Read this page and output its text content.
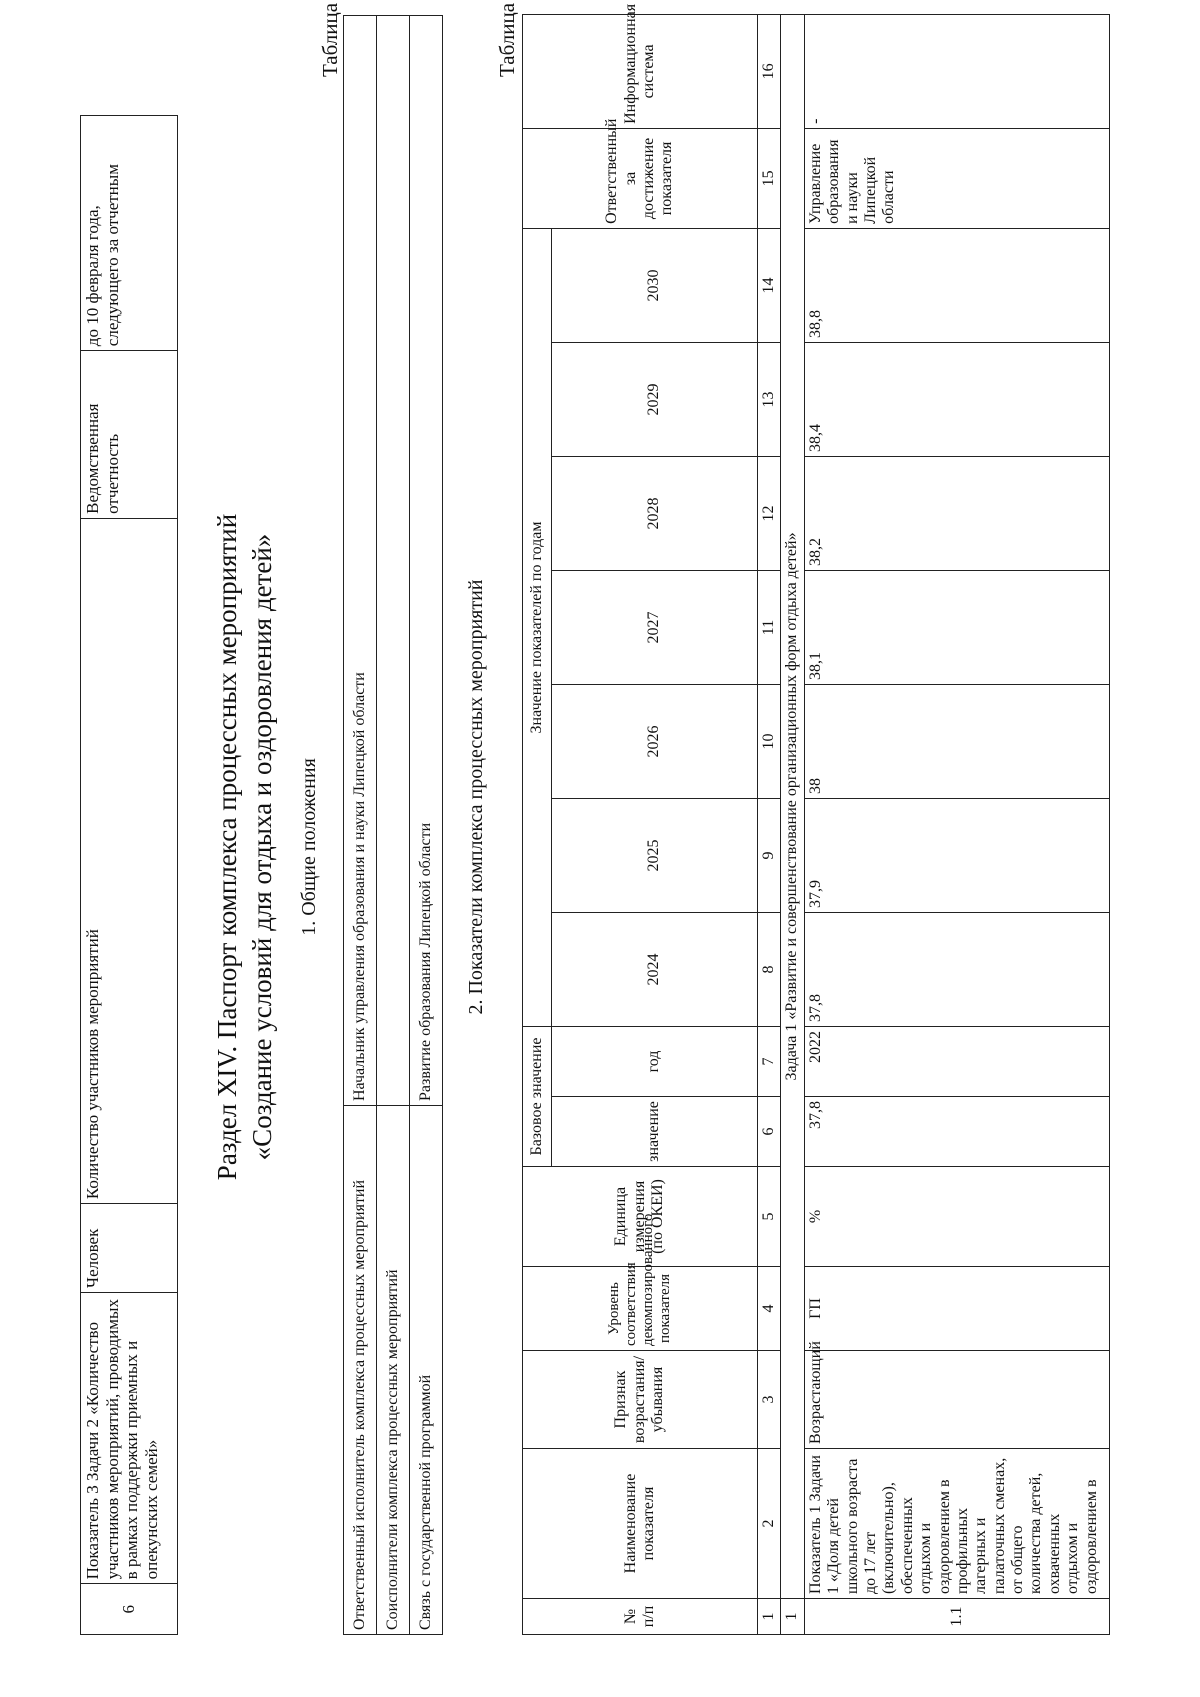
6	Показатель 3 Задачи 2 «Количество участников мероприятий, проводимых в рамках поддержки приемных и опекунских семей»	Человек	Количество участников мероприятий	Ведомственная отчетность	до 10 февраля года, следующего за отчетным
Раздел XIV. Паспорт комплекса процессных мероприятий «Создание условий для отдыха и оздоровления детей» 1. Общие положения
Таблица
Ответственный исполнитель комплекса процессных мероприятий	Начальник управления образования и науки Липецкой области
Соисполнители комплекса процессных мероприятий	
Связь с государственной программой	Развитие образования Липецкой области 2. Показатели комплекса процессных мероприятий
Таблица
№ п/п	Наименование показателя	Признак возрастания/ убывания	Уровень соответствия декомпозированного показателя	Единица измерения (по ОКЕИ)	Базовое значение		Значение показателей по годам							Ответственный за достижение показателя	Информационная система
					значение	год	2024	2025	2026	2027	2028	2029	2030		
1	2	3	4	5	6	7	8	9	10	11	12	13	14	15	16
1	Задача 1 «Развитие и совершенствование организационных форм отдыха детей»														
1.1	Показатель 1 Задачи 1 «Доля детей школьного возраста до 17 лет (включительно), обеспеченных отдыхом и оздоровлением в профильных лагерных и палаточных сменах, от общего количества детей, охваченных отдыхом и оздоровлением в	Возрастающий	ГП	%	37,8	2022	37,8	37,9	38	38,1	38,2	38,4	38,8	Управление образования и науки Липецкой области	-
